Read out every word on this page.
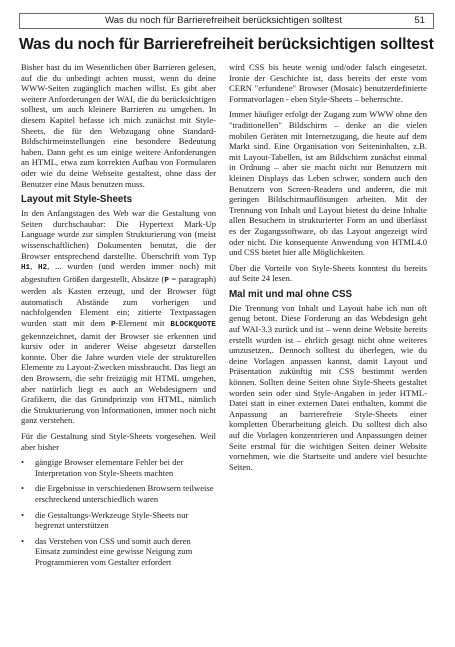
Was du noch für Barrierefreiheit berücksichtigen solltest	51
Was du noch für Barrierefreiheit berücksichtigen solltest

Bisher hast du im Wesentlichen über Barrieren gelesen, auf die du unbedingt achten musst, wenn du deine WWW-Seiten zugänglich machen willst. Es gibt aber weitere Anforderungen der WAI, die du berücksichtigen solltest, um auch kleinere Barrieren zu umgehen. In diesem Kapitel befasse ich mich zunächst mit Style-Sheets, die für den Webzugang ohne Standard-Bildschirmeinstellungen eine besondere Bedeutung haben. Dann geht es um einige weitere Anforderungen an HTML, etwa zum korrekten Aufbau von Formularen oder wie du deine Webseite gestaltest, ohne dass der Benutzer eine Maus benutzen muss.

Layout mit Style-Sheets

In den Anfangstagen des Web war die Gestaltung von Seiten durchschaubar: Die Hypertext Mark-Up Language wurde zur simplen Strukturierung von (meist wissenschaftlichen) Dokumenten benutzt, die der Browser entsprechend darstellte. Überschrift vom Typ H1, H2, ... wurden (und werden immer noch) mit abgestuften Größen dargestellt, Absätze (P = paragraph) werden als Kasten erzeugt, und der Browser fügt automatisch Abstände zum vorherigen und nachfolgenden Element ein; zitierte Textpassagen wurden statt mit dem P-Element mit BLOCKQUOTE gekennzeichnet, damit der Browser sie erkennen und kursiv oder in anderer Weise abgesetzt darstellen konnte. Über die Jahre wurden viele der strukturellen Elemente zu Layout-Zwecken missbraucht. Das liegt an den Browsern, die sehr freizügig mit HTML umgehen, aber natürlich liegt es auch an Webdesignern und Grafikern, die das Grundprinzip von HTML, nämlich die Strukturierung von Informationen, immer noch nicht ganz verstehen.

Für die Gestaltung sind Style-Sheets vorgesehen. Weil aber bisher

• gängige Browser elementare Fehler bei der Interpretation von Style-Sheets machten
• die Ergebnisse in verschiedenen Browsern teilweise erschreckend unterschiedlich waren
• die Gestaltungs-Werkzeuge Style-Sheets nur begrenzt unterstützen
• das Verstehen von CSS und somit auch deren Einsatz zumindest eine gewisse Neigung zum Programmieren vom Gestalter erfordert

wird CSS bis heute wenig und/oder falsch eingesetzt. Ironie der Geschichte ist, dass bereits der erste vom CERN "erfundene" Browser (Mosaic) benutzerdefinierte Formatvorlagen - eben Style-Sheets – beherrschte.

Immer häufiger erfolgt der Zugang zum WWW ohne den "traditionellen" Bildschirm – denke an die vielen mobilen Geräten mit Internetzugang, die heute auf dem Markt sind. Eine Organisation von Seiteninhalten, z.B. mit Layout-Tabellen, ist am Bildschirm zunächst einmal in Ordnung – aber sie macht nicht nur Benutzern mit kleinen Displays das Leben schwer, sondern auch den Benutzern von Screen-Readern und anderen, die mit geringen Bildschirmauflösungen arbeiten. Mit der Trennung von Inhalt und Layout bietest du deine Inhalte allen Besuchern in strukturierter Form an und überlässt es der Zugangssoftware, ob das Layout angezeigt wird oder nicht. Die konsequente Anwendung von HTML4.0 und CSS bietet hier alle Möglichkeiten.

Über die Vorteile von Style-Sheets konntest du bereits auf Seite 24 lesen.

Mal mit und mal ohne CSS

Die Trennung von Inhalt und Layout habe ich nun oft genug betont. Diese Forderung an das Webdesign geht auf WAI-3.3 zurück und ist – wenn deine Website bereits erstellt wurden ist – ehrlich gesagt nicht ohne weiteres umzusetzen,. Dennoch solltest du überlegen, wie du deine Vorlagen anpassen kannst, damit Layout und Präsentation zukünftig mit CSS bestimmt werden können. Sollten deine Seiten ohne Style-Sheets gestaltet worden sein oder sind Style-Angaben in jeder HTML-Datei statt in einer externen Datei enthalten, kommt die Anpassung an barrierefreie Style-Sheets einer kompletten Überarbeitung gleich. Du solltest dich also auf die Vorlagen konzentrieren und Anpassungen deiner Seite erstmal für die wichtigen Seiten deiner Website vornehmen, wie die Startseite und andere viel besuchte Seiten.
